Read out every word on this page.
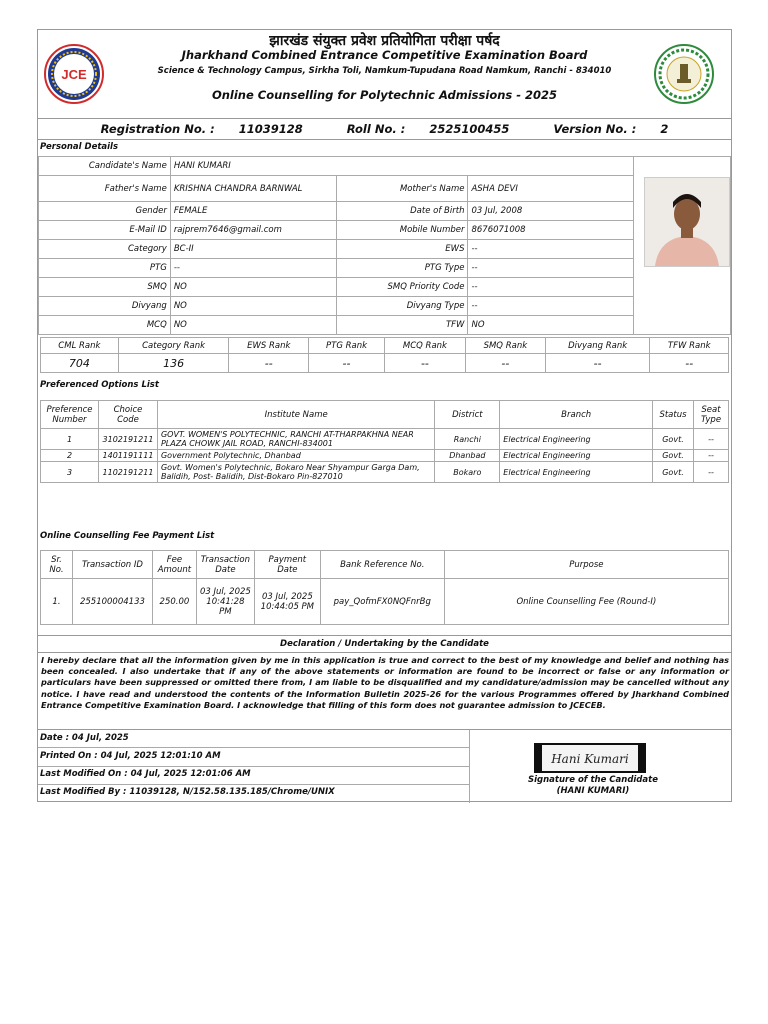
JCE
झारखंड संयुक्त प्रवेश प्रतियोगिता परीक्षा पर्षद
Jharkhand Combined Entrance Competitive Examination Board
Science & Technology Campus, Sirkha Toli, Namkum-Tupudana Road Namkum, Ranchi - 834010
Online Counselling for Polytechnic Admissions - 2025
Registration No. : 11039128	Roll No. : 2525100455	Version No. : 2
Personal Details
Candidate's Name	HANI KUMARI			
Father's Name	KRISHNA CHANDRA BARNWAL	Mother's Name	ASHA DEVI	
Gender	FEMALE	Date of Birth	03 Jul, 2008	
E-Mail ID	rajprem7646@gmail.com	Mobile Number	8676071008	
Category	BC-II	EWS	--	
PTG	--	PTG Type	--	
SMQ	NO	SMQ Priority Code	--	
Divyang	NO	Divyang Type	--	
MCQ	NO	TFW	NO	
CML Rank	Category Rank	EWS Rank	PTG Rank	MCQ Rank	SMQ Rank	Divyang Rank	TFW Rank
704	136	--	--	--	--	--	--
Preferenced Options List
Preference Number	Choice Code	Institute Name	District	Branch	Status	Seat Type
1	3102191211	GOVT. WOMEN'S POLYTECHNIC, RANCHI AT-THARPAKHNA NEAR PLAZA CHOWK JAIL ROAD, RANCHI-834001	Ranchi	Electrical Engineering	Govt.	--
2	1401191111	Government Polytechnic, Dhanbad	Dhanbad	Electrical Engineering	Govt.	--
3	1102191211	Govt. Women's Polytechnic, Bokaro Near Shyampur Garga Dam, Balidih, Post- Balidih, Dist-Bokaro Pin-827010	Bokaro	Electrical Engineering	Govt.	--
Online Counselling Fee Payment List
Sr. No.	Transaction ID	Fee Amount	Transaction Date	Payment Date	Bank Reference No.	Purpose
1.	255100004133	250.00	03 Jul, 2025 10:41:28 PM	03 Jul, 2025 10:44:05 PM	pay_QofmFX0NQFnrBg	Online Counselling Fee (Round-I)
Declaration / Undertaking by the Candidate
I hereby declare that all the information given by me in this application is true and correct to the best of my knowledge and belief and nothing has been concealed. I also undertake that if any of the above statements or information are found to be incorrect or false or any information or particulars have been suppressed or omitted there from, I am liable to be disqualified and my candidature/admission may be cancelled without any notice. I have read and understood the contents of the Information Bulletin 2025-26 for the various Programmes offered by Jharkhand Combined Entrance Competitive Examination Board. I acknowledge that filling of this form does not guarantee admission to JCECEB.
Date : 04 Jul, 2025
Printed On : 04 Jul, 2025 12:01:10 AM
Last Modified On : 04 Jul, 2025 12:01:06 AM
Last Modified By : 11039128, N/152.58.135.185/Chrome/UNIX
Hani Kumari
Signature of the Candidate
(HANI KUMARI)
